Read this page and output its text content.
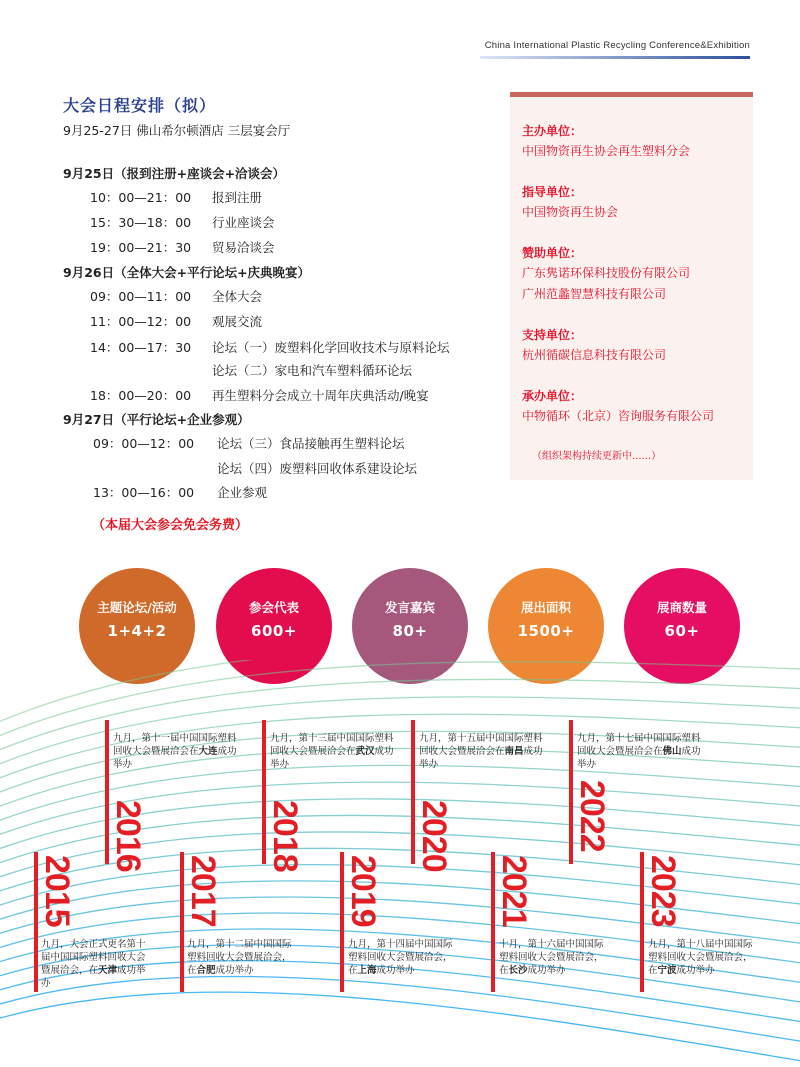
China International Plastic Recycling Conference&Exhibition
大会日程安排（拟）
9月25-27日 佛山希尔顿酒店 三层宴会厅
9月25日（报到注册+座谈会+洽谈会）
10：00—21：00 报到注册
15：30—18：00 行业座谈会
19：00—21：30 贸易洽谈会
9月26日（全体大会+平行论坛+庆典晚宴）
09：00—11：00 全体大会
11：00—12：00 观展交流
14：00—17：30 论坛（一）废塑料化学回收技术与原料论坛
论坛（二）家电和汽车塑料循环论坛
18：00—20：00 再生塑料分会成立十周年庆典活动/晚宴
9月27日（平行论坛+企业参观）
09：00—12：00 论坛（三）食品接触再生塑料论坛
论坛（四）废塑料回收体系建设论坛
13：00—16：00 企业参观
（本届大会参会免会务费）
主办单位：
中国物资再生协会再生塑料分会
指导单位：
中国物资再生协会
赞助单位：
广东隽诺环保科技股份有限公司
广州范蠡智慧科技有限公司
支持单位：
杭州循碳信息科技有限公司
承办单位：
中物循环（北京）咨询服务有限公司
（组织架构持续更新中......）
主题论坛/活动
1+4+2
参会代表
600+
发言嘉宾
80+
展出面积
1500+
展商数量
60+
2015
2016
2017
2018
2019
2020
2021
2022
2023
九月，大会正式更名第十届中国国际塑料回收大会暨展洽会，在天津成功举办
九月，第十一届中国国际塑料回收大会暨展洽会在大连成功举办
九月，第十二届中国国际塑料回收大会暨展洽会，在合肥成功举办
九月，第十三届中国国际塑料回收大会暨展洽会在武汉成功举办
九月，第十四届中国国际塑料回收大会暨展洽会，在上海成功举办
九月，第十五届中国国际塑料回收大会暨展洽会在南昌成功举办
十月，第十六届中国国际塑料回收大会暨展洽会，在长沙成功举办
九月，第十七届中国国际塑料回收大会暨展洽会在佛山成功举办
九月，第十八届中国国际塑料回收大会暨展洽会，在宁波成功举办
